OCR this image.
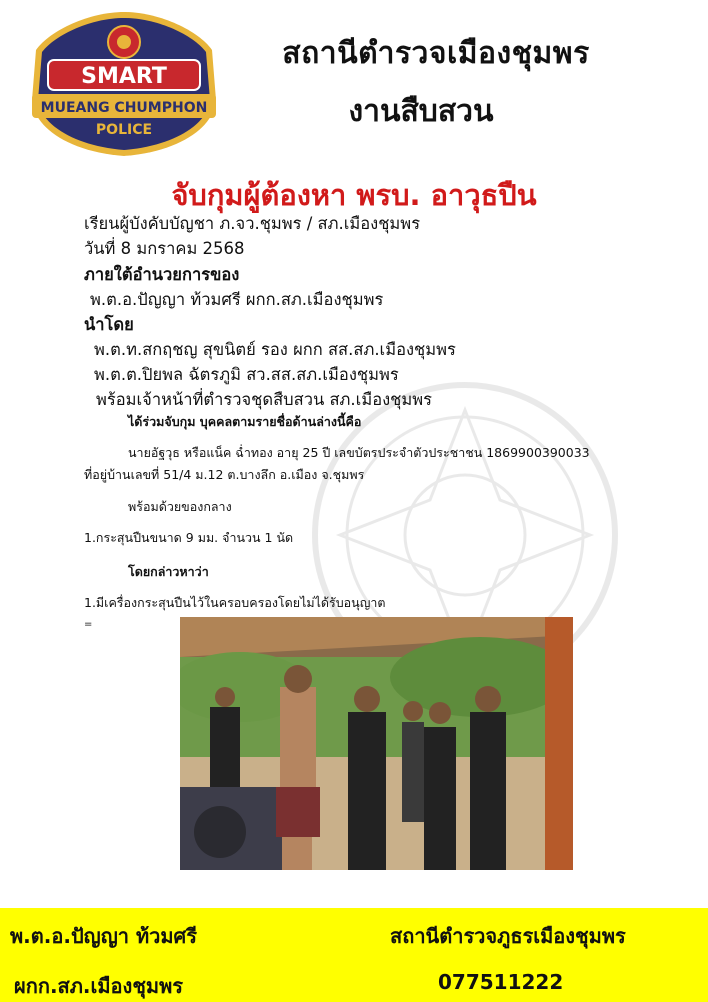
SMART
MUEANG CHUMPHON
POLICE
สถานีตำรวจเมืองชุมพร
งานสืบสวน
จับกุมผู้ต้องหา พรบ. อาวุธปืน
เรียนผู้บังคับบัญชา ภ.จว.ชุมพร / สภ.เมืองชุมพร
วันที่ 8 มกราคม 2568
ภายใต้อำนวยการของ
พ.ต.อ.ปัญญา ท้วมศรี ผกก.สภ.เมืองชุมพร
นำโดย
พ.ต.ท.สกฤชญ สุขนิตย์ รอง ผกก สส.สภ.เมืองชุมพร
พ.ต.ต.ปิยพล ฉัตรภูมิ สว.สส.สภ.เมืองชุมพร
พร้อมเจ้าหน้าที่ตำรวจชุดสืบสวน สภ.เมืองชุมพร
ได้ร่วมจับกุม บุคคลตามรายชื่อด้านล่างนี้คือ
นายอัฐวุธ หรือแน็ค ฉ่ำทอง อายุ 25 ปี เลขบัตรประจำตัวประชาชน 1869900390033
ที่อยู่บ้านเลขที่ 51/4 ม.12 ต.บางลึก อ.เมือง จ.ชุมพร
พร้อมด้วยของกลาง
1.กระสุนปืนขนาด 9 มม. จำนวน 1 นัด
โดยกล่าวหาว่า
1.มีเครื่องกระสุนปืนไว้ในครอบครองโดยไม่ได้รับอนุญาต
=
พ.ต.อ.ปัญญา ท้วมศรี
ผกก.สภ.เมืองชุมพร
สถานีตำรวจภูธรเมืองชุมพร
077511222
